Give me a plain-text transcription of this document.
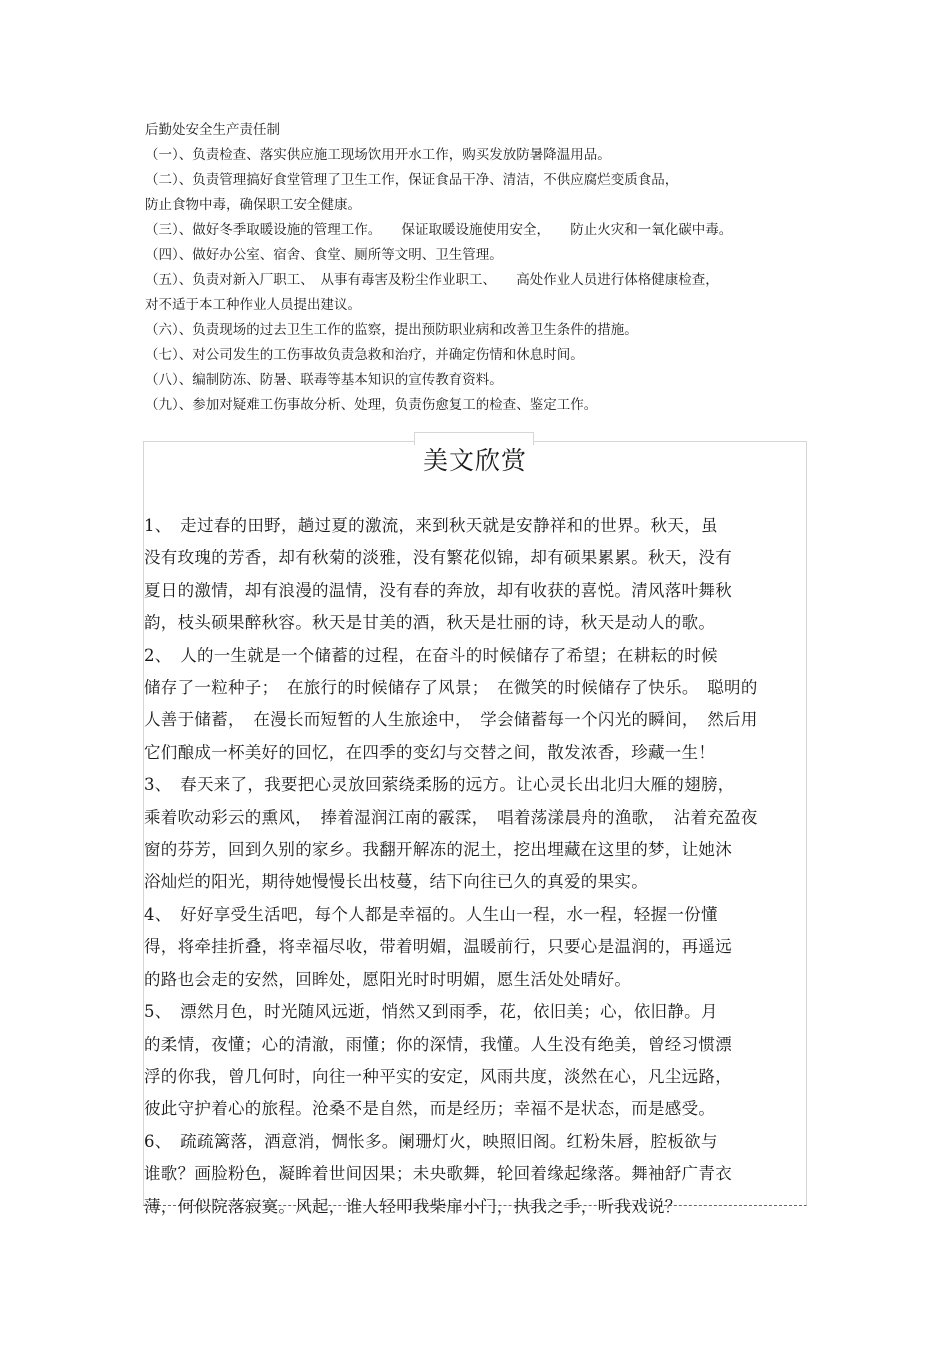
后勤处安全生产责任制
（一）、负责检查、落实供应施工现场饮用开水工作，购买发放防暑降温用品。
（二）、负责管理搞好食堂管理了卫生工作，保证食品干净、清洁，不供应腐烂变质食品，
防止食物中毒，确保职工安全健康。
（三）、做好冬季取暖设施的管理工作。　　保证取暖设施使用安全，　　防止火灾和一氧化碳中毒。
（四）、做好办公室、宿舍、食堂、厕所等文明、卫生管理。
（五）、负责对新入厂职工、　从事有毒害及粉尘作业职工、　　高处作业人员进行体格健康检查，
对不适于本工种作业人员提出建议。
（六）、负责现场的过去卫生工作的监察，提出预防职业病和改善卫生条件的措施。
（七）、对公司发生的工伤事故负责急救和治疗，并确定伤情和休息时间。
（八）、编制防冻、防暑、联毒等基本知识的宣传教育资料。
（九）、参加对疑难工伤事故分析、处理，负责伤愈复工的检查、鉴定工作。
美文欣赏
1、　走过春的田野，趟过夏的激流，来到秋天就是安静祥和的世界。秋天，虽
没有玫瑰的芳香，却有秋菊的淡雅，没有繁花似锦，却有硕果累累。秋天，没有
夏日的激情，却有浪漫的温情，没有春的奔放，却有收获的喜悦。清风落叶舞秋
韵，枝头硕果醉秋容。秋天是甘美的酒，秋天是壮丽的诗，秋天是动人的歌。
2、　人的一生就是一个储蓄的过程，在奋斗的时候储存了希望；在耕耘的时候
储存了一粒种子；　在旅行的时候储存了风景；　在微笑的时候储存了快乐。　聪明的
人善于储蓄，　在漫长而短暂的人生旅途中，　学会储蓄每一个闪光的瞬间，　然后用
它们酿成一杯美好的回忆，在四季的变幻与交替之间，散发浓香，珍藏一生！
3、　春天来了，我要把心灵放回萦绕柔肠的远方。让心灵长出北归大雁的翅膀，
乘着吹动彩云的熏风，　捧着湿润江南的霰霂，　唱着荡漾晨舟的渔歌，　沾着充盈夜
窗的芬芳，回到久别的家乡。我翻开解冻的泥土，挖出埋藏在这里的梦，让她沐
浴灿烂的阳光，期待她慢慢长出枝蔓，结下向往已久的真爱的果实。
4、　好好享受生活吧，每个人都是幸福的。人生山一程，水一程，轻握一份懂
得，将牵挂折叠，将幸福尽收，带着明媚，温暖前行，只要心是温润的，再遥远
的路也会走的安然，回眸处，愿阳光时时明媚，愿生活处处晴好。
5、　漂然月色，时光随风远逝，悄然又到雨季，花，依旧美；心，依旧静。月
的柔情，夜懂；心的清澈，雨懂；你的深情，我懂。人生没有绝美，曾经习惯漂
浮的你我，曾几何时，向往一种平实的安定，风雨共度，淡然在心，凡尘远路，
彼此守护着心的旅程。沧桑不是自然，而是经历；幸福不是状态，而是感受。
6、　疏疏篱落，酒意消，惆怅多。阑珊灯火，映照旧阁。红粉朱唇，腔板欲与
谁歌？画脸粉色，凝眸着世间因果；未央歌舞，轮回着缘起缘落。舞袖舒广青衣
薄，何似院落寂寞。风起，谁人轻叩我柴扉小门，执我之手，听我戏说？
